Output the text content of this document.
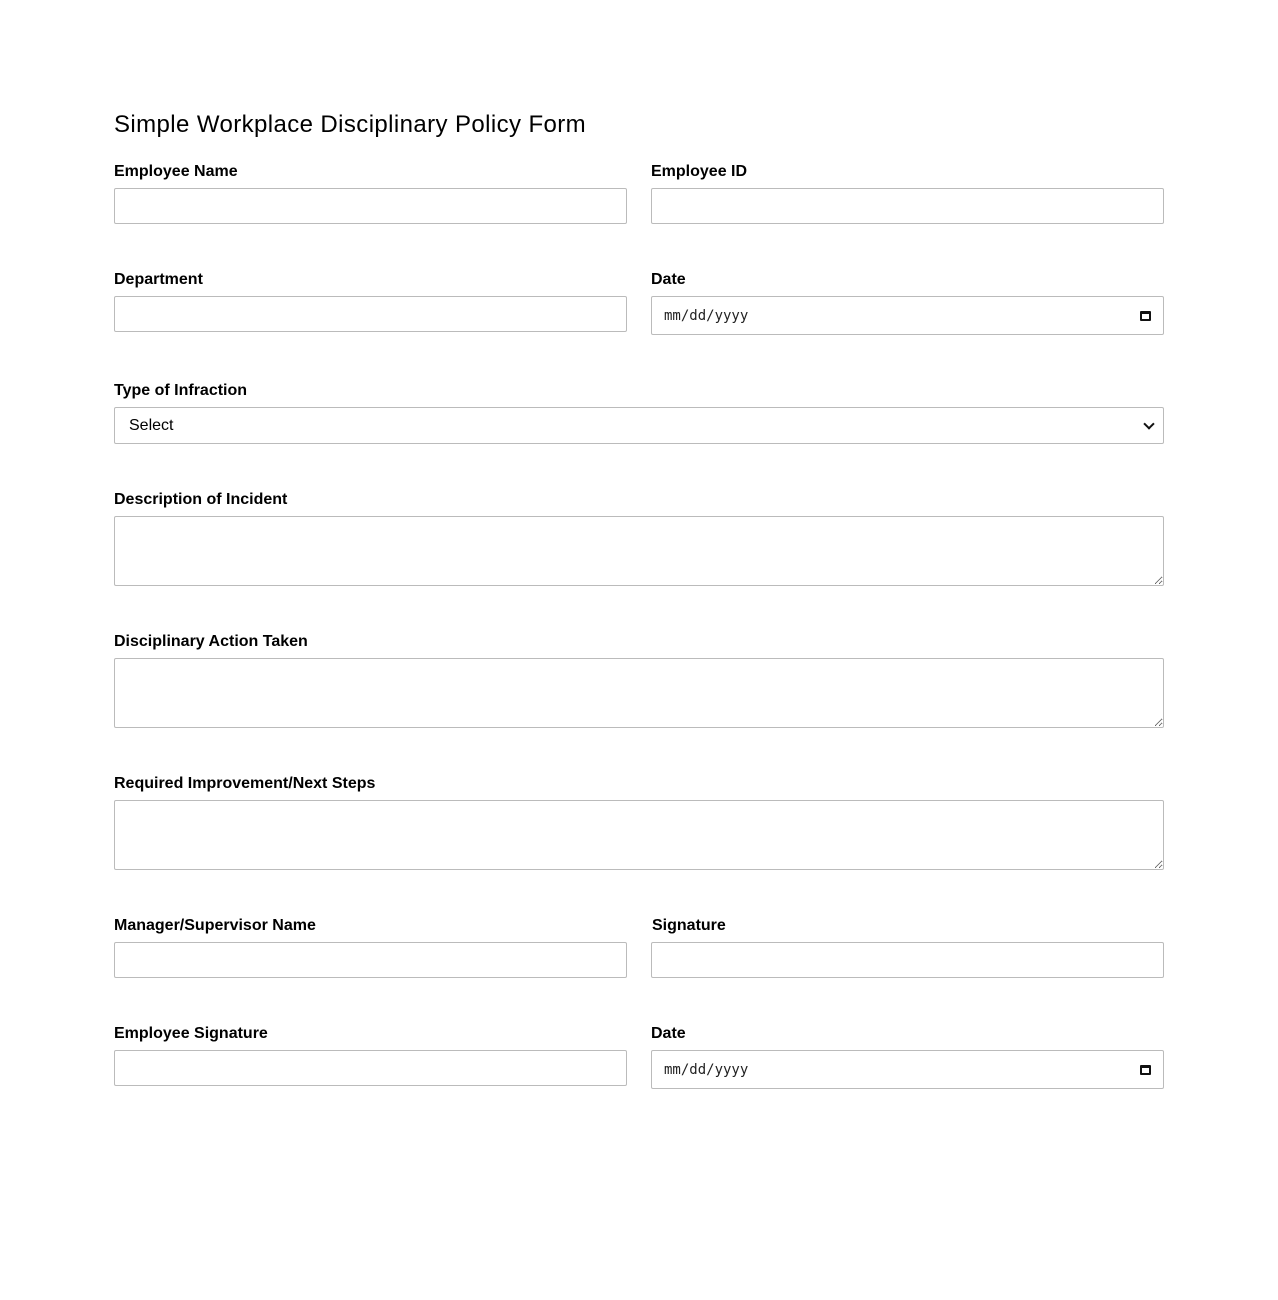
Simple Workplace Disciplinary Policy Form
Employee Name	Employee ID
Department	Date
mm/dd/yyyy
Type of Infraction
Select
Description of Incident
Disciplinary Action Taken
Required Improvement/Next Steps
Manager/Supervisor Name	Signature
Employee Signature	Date
mm/dd/yyyy
